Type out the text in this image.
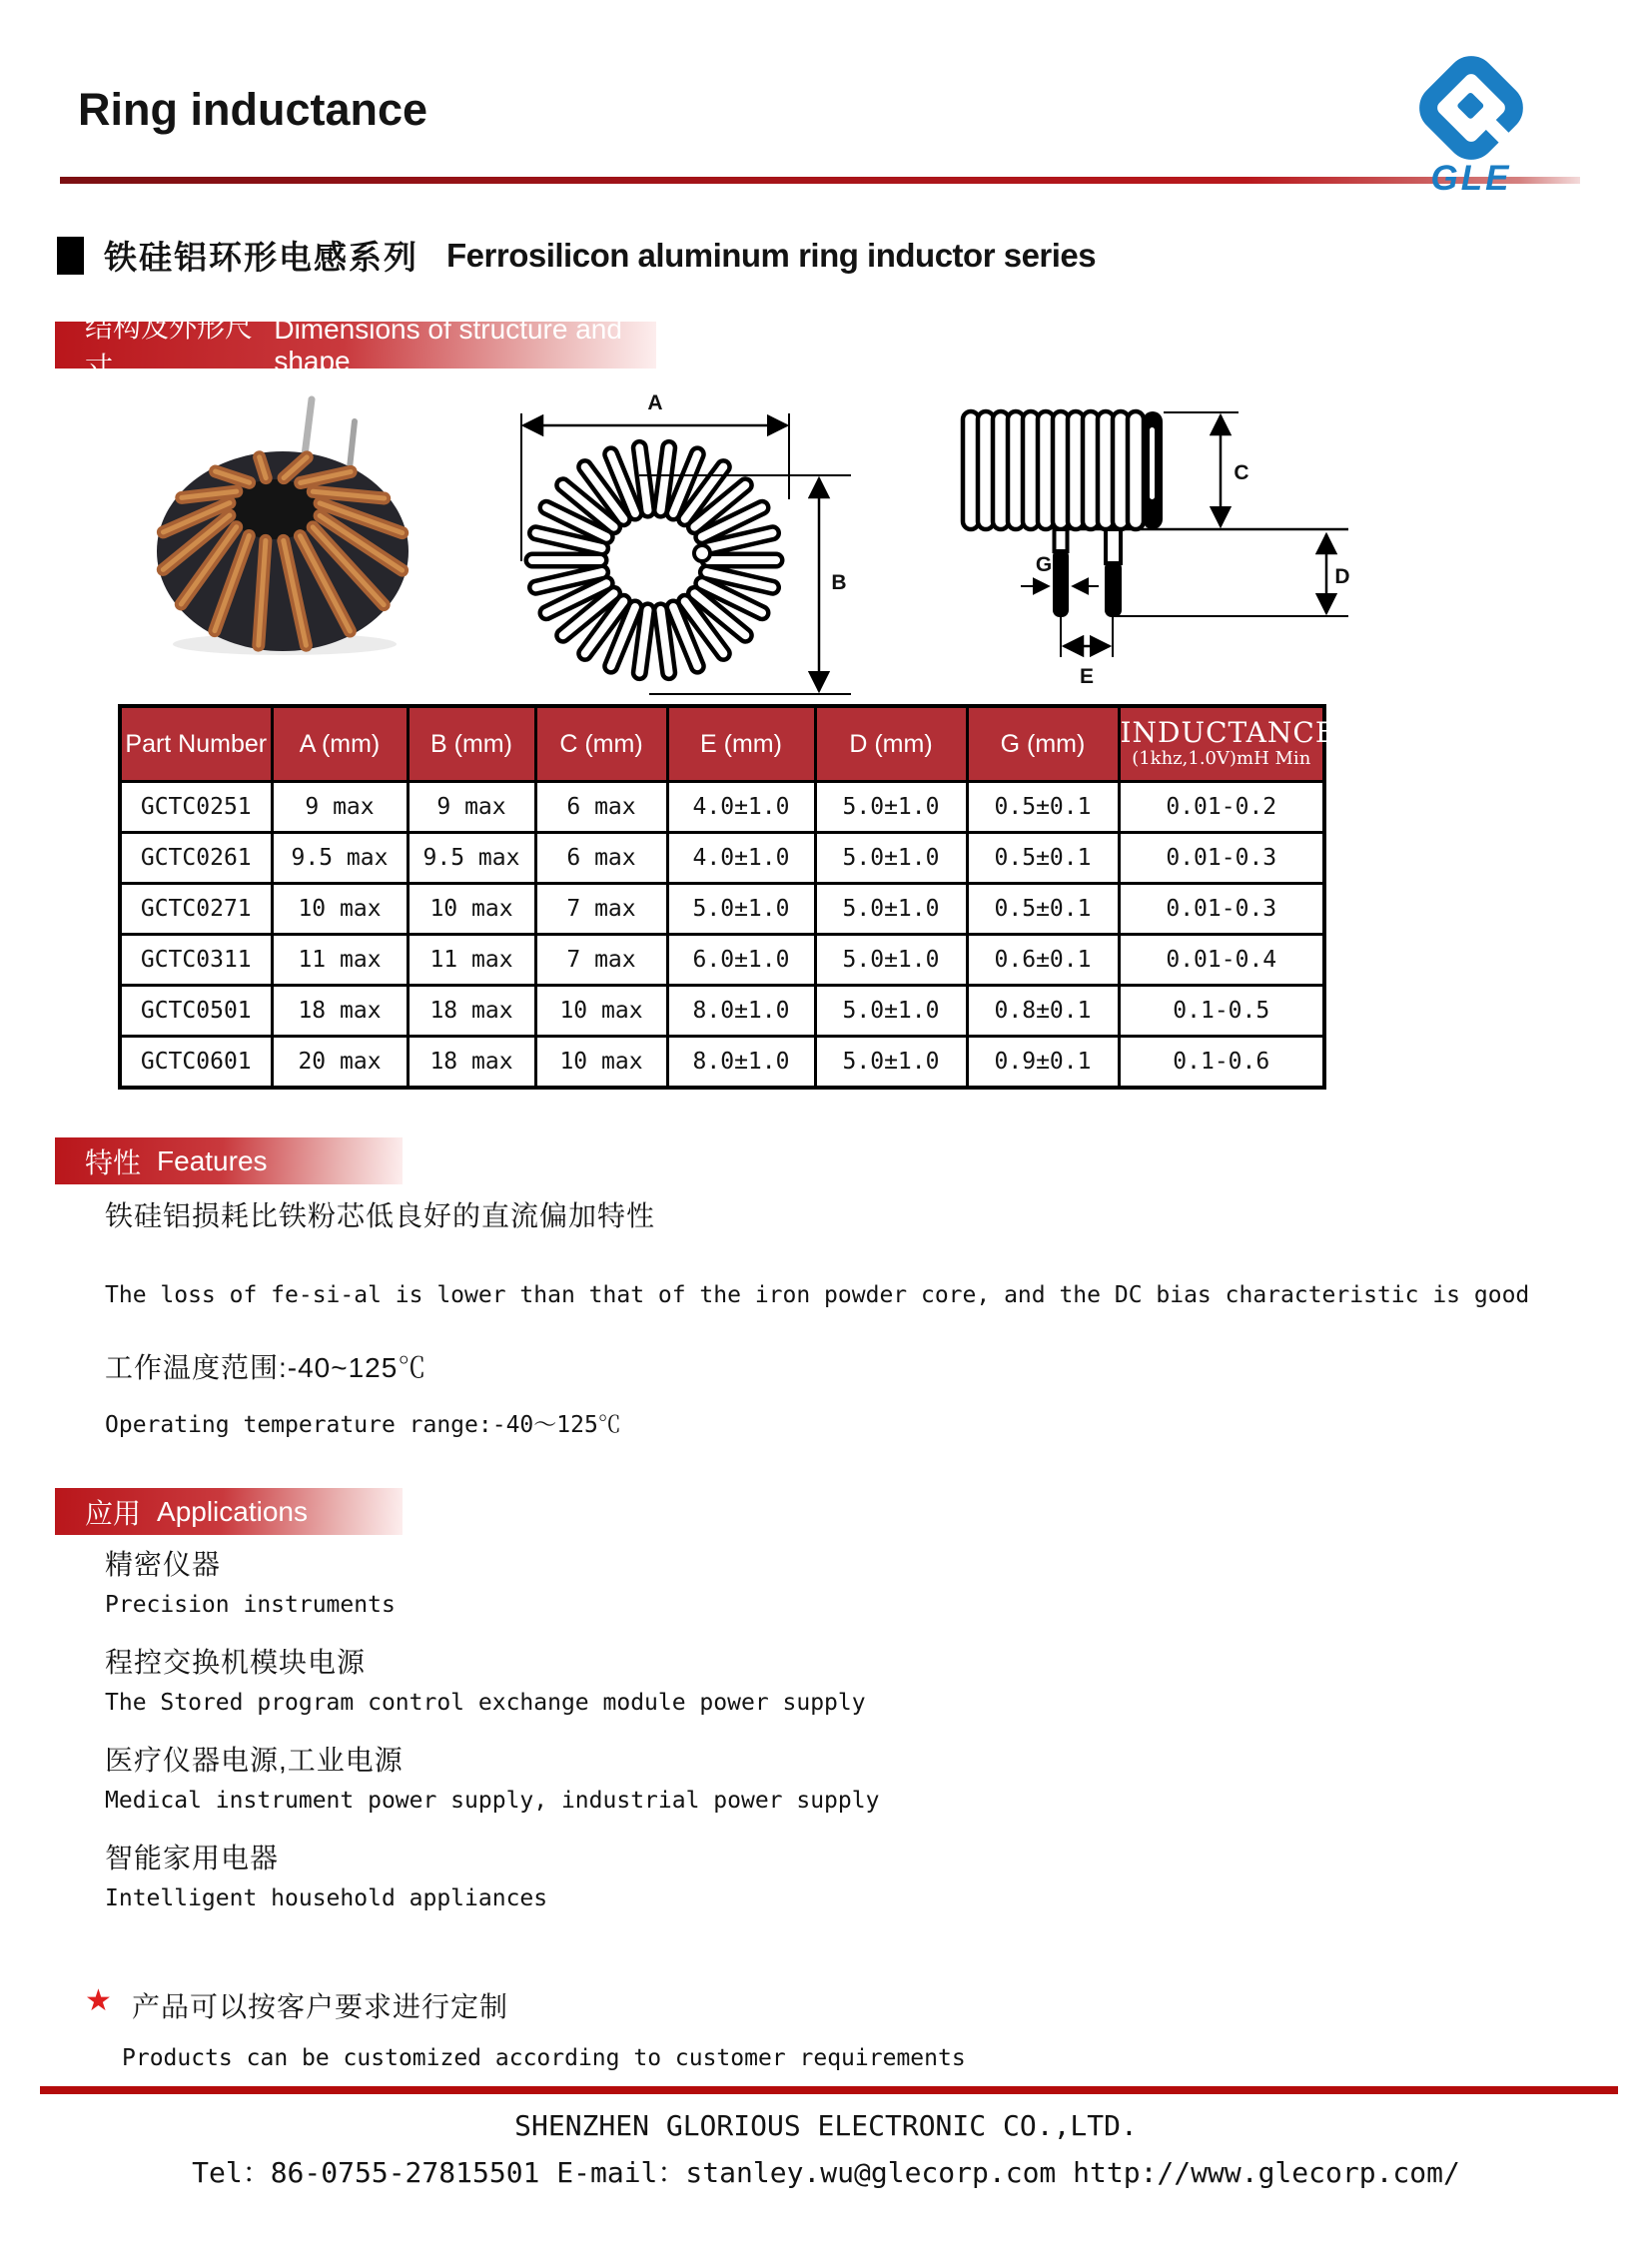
Ring inductance
GLE
铁硅铝环形电感系列 Ferrosilicon aluminum ring inductor series
结构及外形尺寸
Dimensions of structure and shape
A
B
C
D
G
E
Part Number	A (mm)	B (mm)	C (mm)	E (mm)	D (mm)	G (mm)	INDUCTANCE
(1khz,1.0V)mH Min

GCTC0251	9 max	9 max	6 max	4.0±1.0	5.0±1.0	0.5±0.1	0.01-0.2
GCTC0261	9.5 max	9.5 max	6 max	4.0±1.0	5.0±1.0	0.5±0.1	0.01-0.3
GCTC0271	10 max	10 max	7 max	5.0±1.0	5.0±1.0	0.5±0.1	0.01-0.3
GCTC0311	11 max	11 max	7 max	6.0±1.0	5.0±1.0	0.6±0.1	0.01-0.4
GCTC0501	18 max	18 max	10 max	8.0±1.0	5.0±1.0	0.8±0.1	0.1-0.5
GCTC0601	20 max	18 max	10 max	8.0±1.0	5.0±1.0	0.9±0.1	0.1-0.6
特性 Features
铁硅铝损耗比铁粉芯低良好的直流偏加特性
The loss of fe-si-al is lower than that of the iron powder core, and the DC bias characteristic is good
工作温度范围:-40~125℃
Operating temperature range:-40～125℃
应用 Applications
精密仪器
Precision instruments
程控交换机模块电源
The Stored program control exchange module power supply
医疗仪器电源,工业电源
Medical instrument power supply, industrial power supply
智能家用电器
Intelligent household appliances
★ 产品可以按客户要求进行定制
Products can be customized according to customer requirements
SHENZHEN GLORIOUS ELECTRONIC CO.,LTD.
Tel：86-0755-27815501 E-mail：stanley.wu@glecorp.com http://www.glecorp.com/
